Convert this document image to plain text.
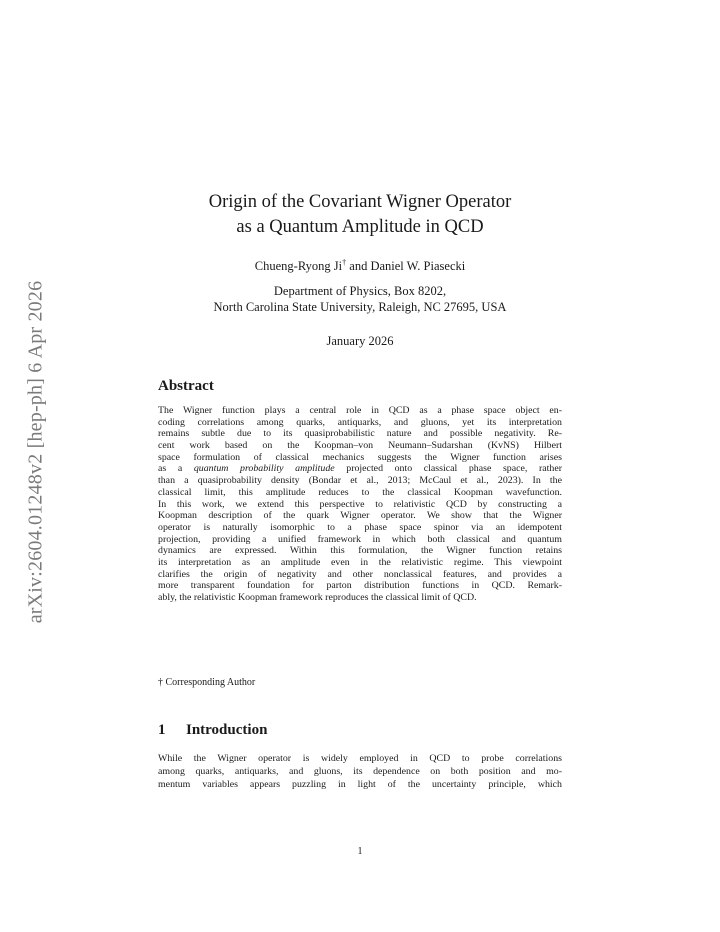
arXiv:2604.01248v2 [hep-ph] 6 Apr 2026
Origin of the Covariant Wigner Operator
as a Quantum Amplitude in QCD
Chueng-Ryong Ji† and Daniel W. Piasecki
Department of Physics, Box 8202,
North Carolina State University, Raleigh, NC 27695, USA
January 2026
Abstract
The Wigner function plays a central role in QCD as a phase space object en-
coding correlations among quarks, antiquarks, and gluons, yet its interpretation
remains subtle due to its quasiprobabilistic nature and possible negativity. Re-
cent work based on the Koopman–von Neumann–Sudarshan (KvNS) Hilbert
space formulation of classical mechanics suggests the Wigner function arises
as a quantum probability amplitude projected onto classical phase space, rather
than a quasiprobability density (Bondar et al., 2013; McCaul et al., 2023). In the
classical limit, this amplitude reduces to the classical Koopman wavefunction.
In this work, we extend this perspective to relativistic QCD by constructing a
Koopman description of the quark Wigner operator. We show that the Wigner
operator is naturally isomorphic to a phase space spinor via an idempotent
projection, providing a unified framework in which both classical and quantum
dynamics are expressed. Within this formulation, the Wigner function retains
its interpretation as an amplitude even in the relativistic regime. This viewpoint
clarifies the origin of negativity and other nonclassical features, and provides a
more transparent foundation for parton distribution functions in QCD. Remark-
ably, the relativistic Koopman framework reproduces the classical limit of QCD.
† Corresponding Author
1 Introduction
While the Wigner operator is widely employed in QCD to probe correlations
among quarks, antiquarks, and gluons, its dependence on both position and mo-
mentum variables appears puzzling in light of the uncertainty principle, which
1
